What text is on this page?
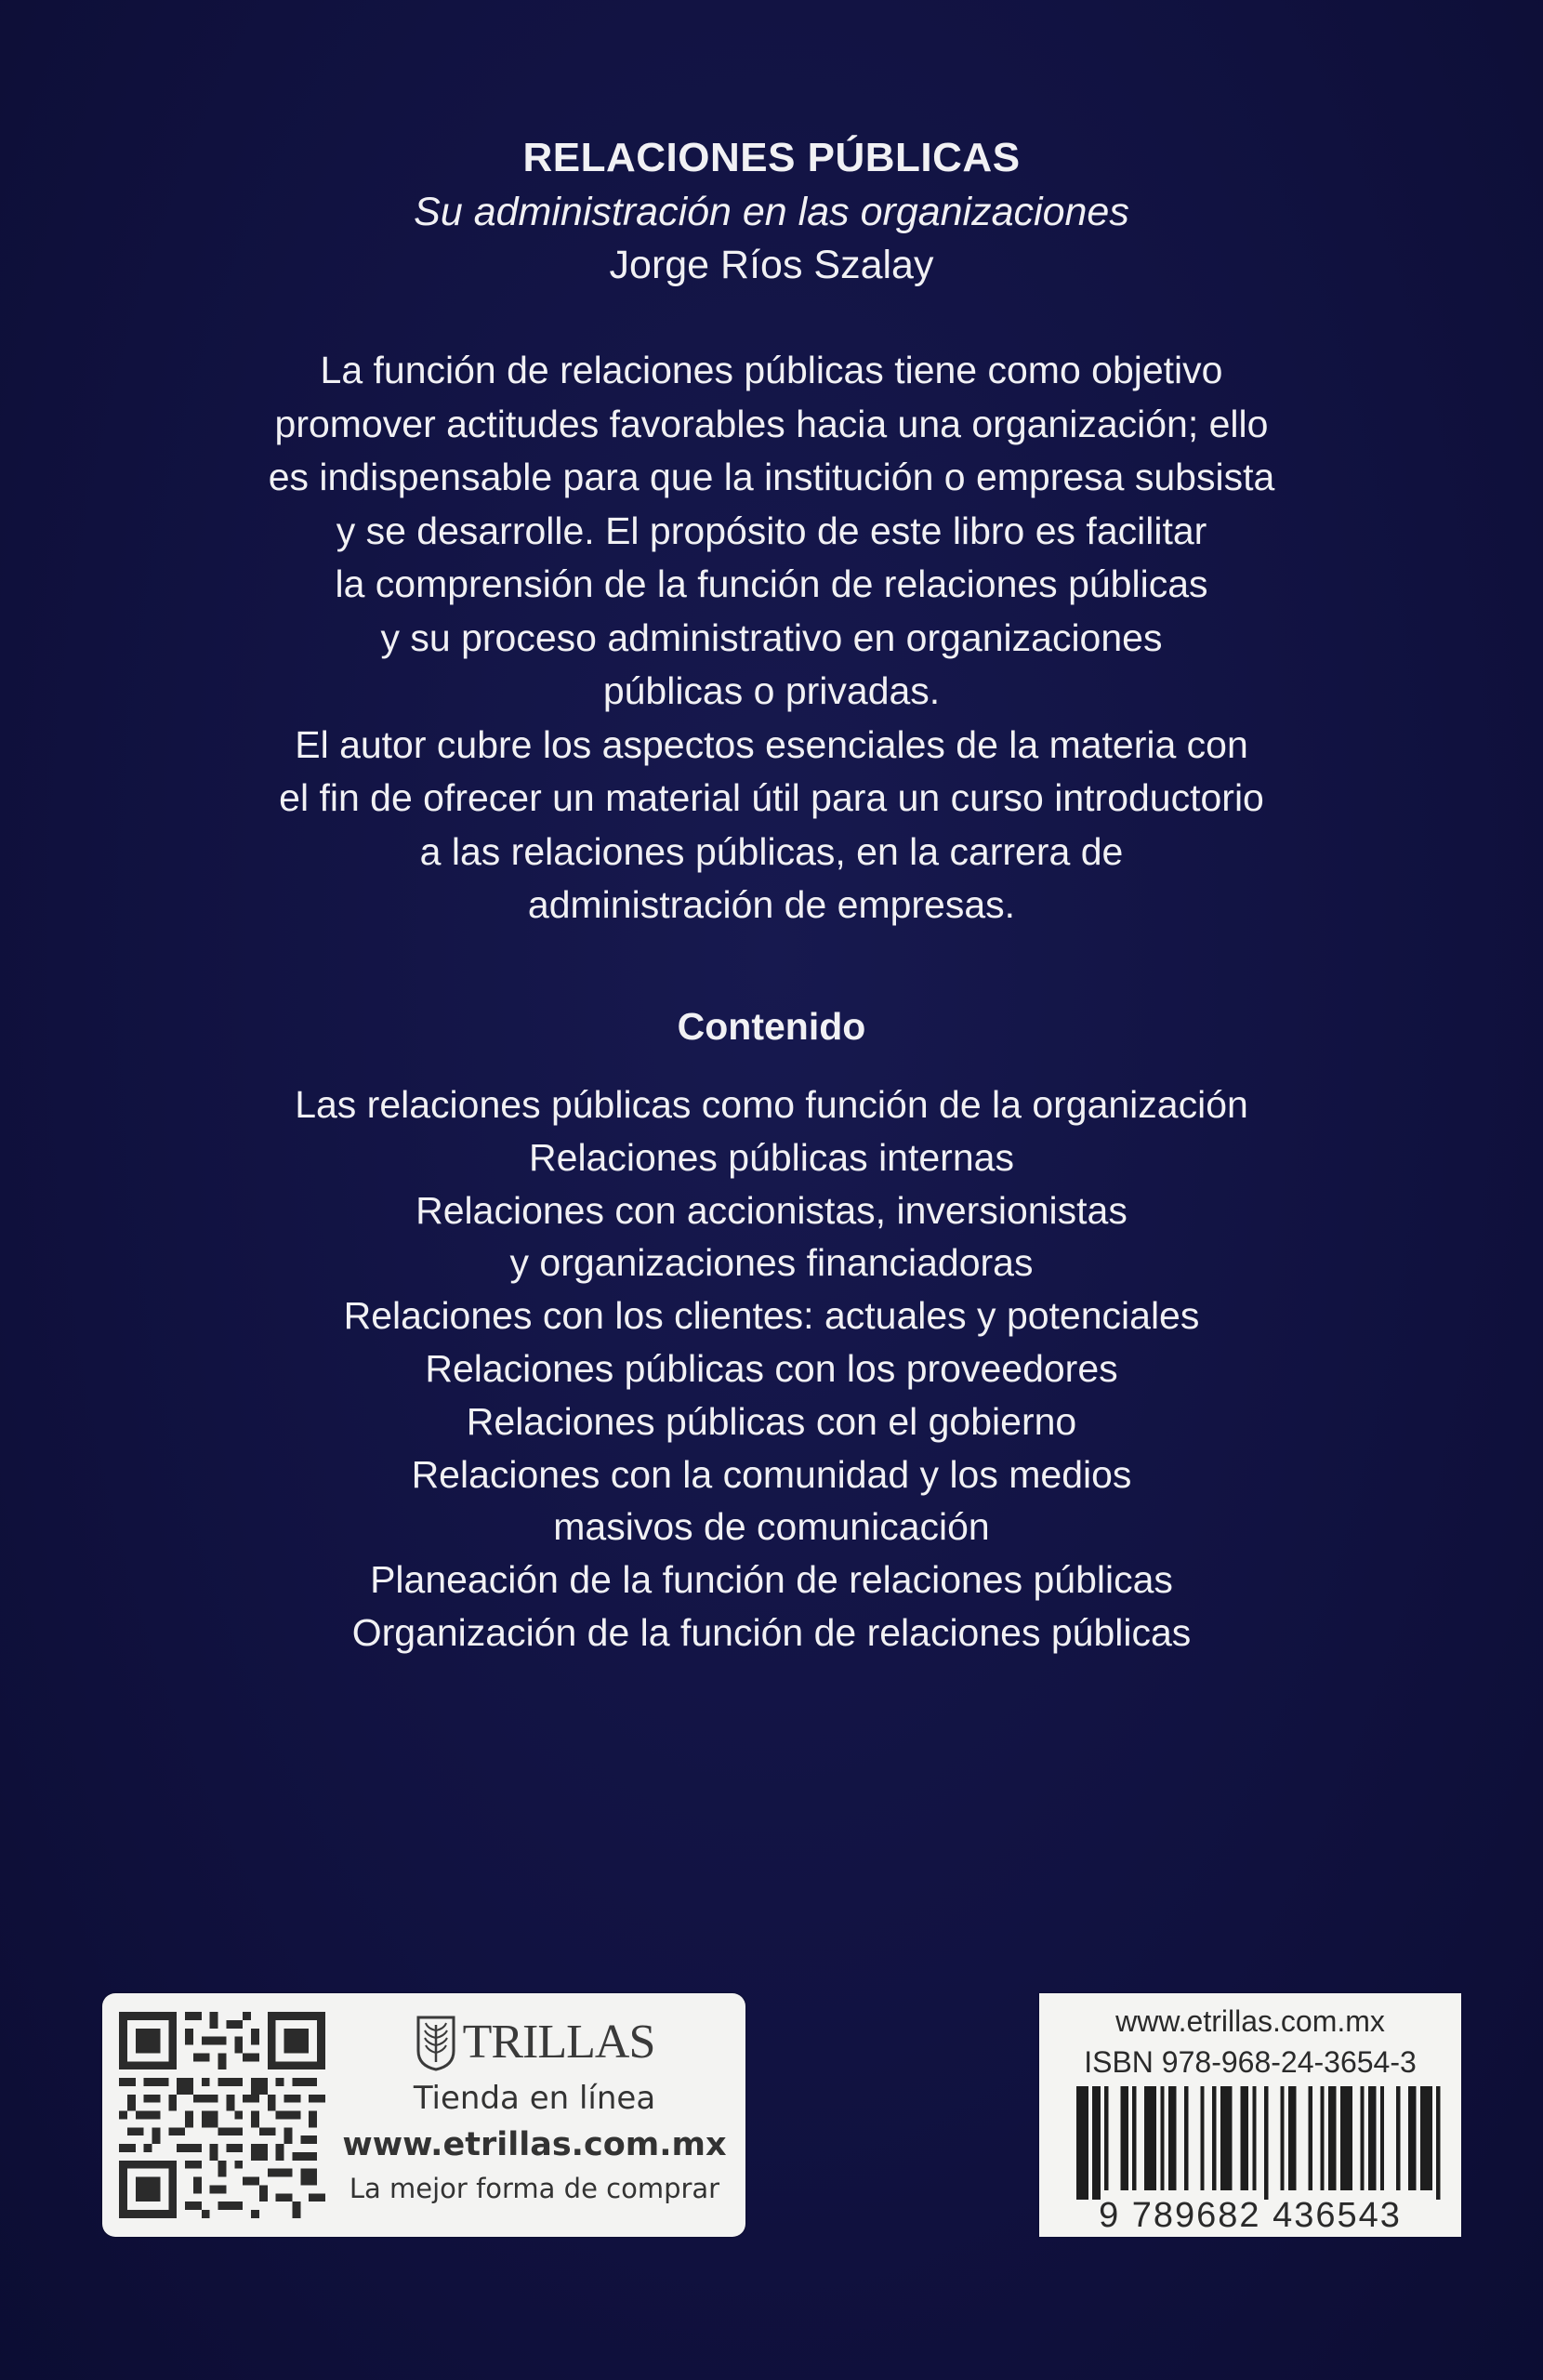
RELACIONES PÚBLICAS
Su administración en las organizaciones
Jorge Ríos Szalay
La función de relaciones públicas tiene como objetivo
promover actitudes favorables hacia una organización; ello
es indispensable para que la institución o empresa subsista
y se desarrolle. El propósito de este libro es facilitar
la comprensión de la función de relaciones públicas
y su proceso administrativo en organizaciones
públicas o privadas.
El autor cubre los aspectos esenciales de la materia con
el fin de ofrecer un material útil para un curso introductorio
a las relaciones públicas, en la carrera de
administración de empresas.
Contenido
Las relaciones públicas como función de la organización
Relaciones públicas internas
Relaciones con accionistas, inversionistas
y organizaciones financiadoras
Relaciones con los clientes: actuales y potenciales
Relaciones públicas con los proveedores
Relaciones públicas con el gobierno
Relaciones con la comunidad y los medios
masivos de comunicación
Planeación de la función de relaciones públicas
Organización de la función de relaciones públicas
TRILLAS
Tienda en línea
www.etrillas.com.mx
La mejor forma de comprar
www.etrillas.com.mx
ISBN 978-968-24-3654-3
9 789682 436543
